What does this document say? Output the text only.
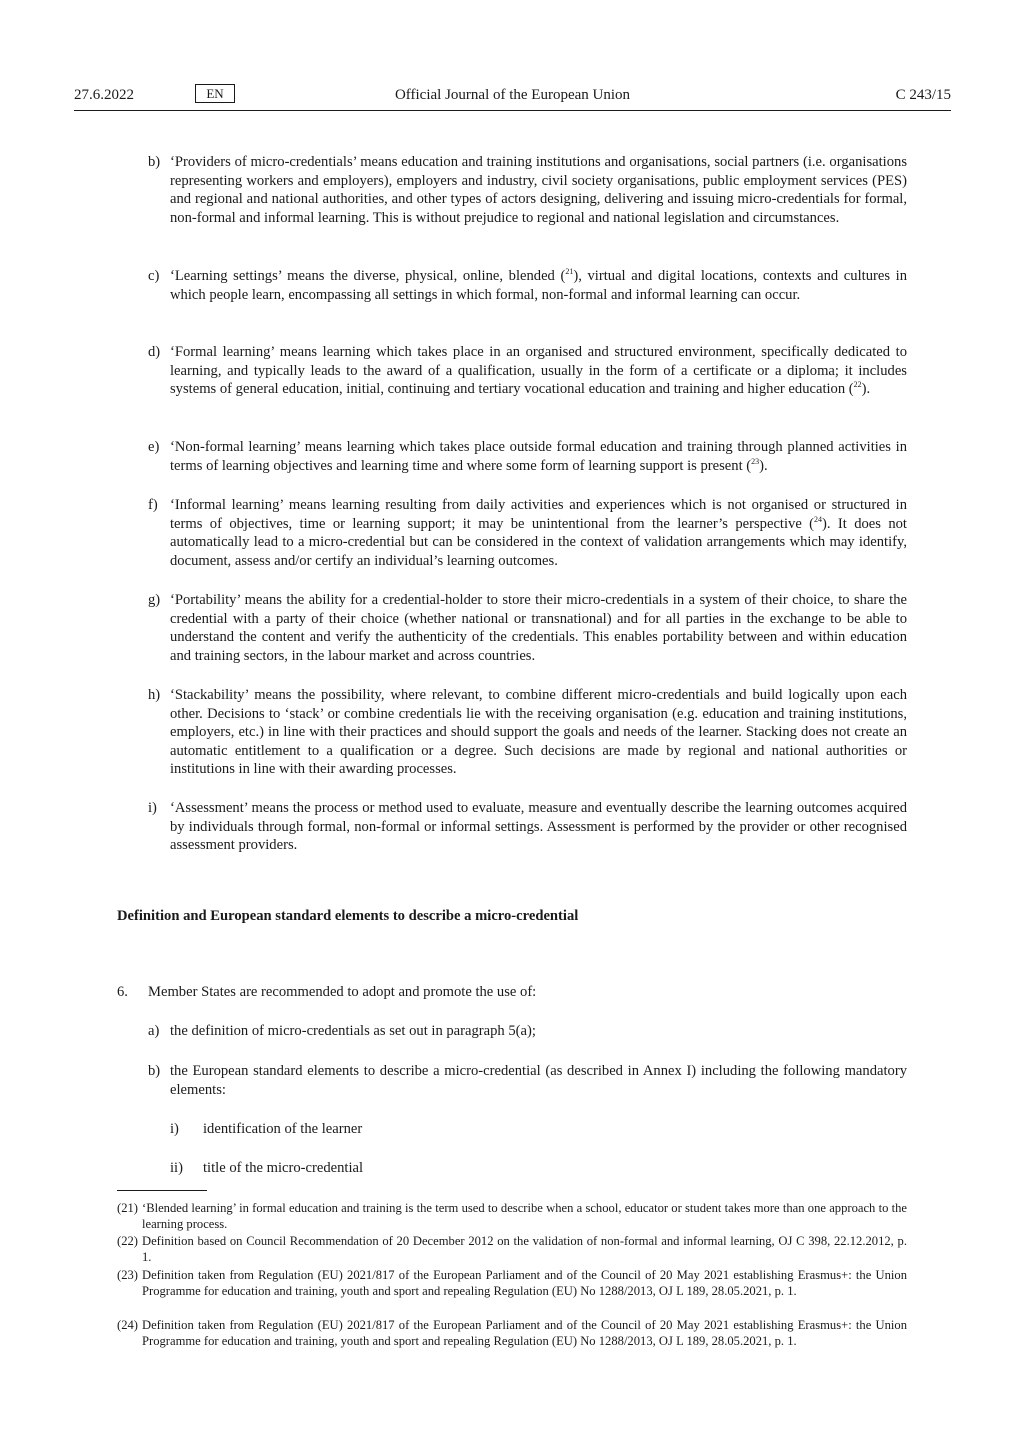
27.6.2022	EN	Official Journal of the European Union	C 243/15
b) ‘Providers of micro-credentials’ means education and training institutions and organisations, social partners (i.e. organisations representing workers and employers), employers and industry, civil society organisations, public employment services (PES) and regional and national authorities, and other types of actors designing, delivering and issuing micro-credentials for formal, non-formal and informal learning. This is without prejudice to regional and national legislation and circumstances.
c) ‘Learning settings’ means the diverse, physical, online, blended ($^{21}$), virtual and digital locations, contexts and cultures in which people learn, encompassing all settings in which formal, non-formal and informal learning can occur.
d) ‘Formal learning’ means learning which takes place in an organised and structured environment, specifically dedicated to learning, and typically leads to the award of a qualification, usually in the form of a certificate or a diploma; it includes systems of general education, initial, continuing and tertiary vocational education and training and higher education ($^{22}$).
e) ‘Non-formal learning’ means learning which takes place outside formal education and training through planned activities in terms of learning objectives and learning time and where some form of learning support is present ($^{23}$).
f) ‘Informal learning’ means learning resulting from daily activities and experiences which is not organised or structured in terms of objectives, time or learning support; it may be unintentional from the learner’s perspective ($^{24}$). It does not automatically lead to a micro-credential but can be considered in the context of validation arrangements which may identify, document, assess and/or certify an individual’s learning outcomes.
g) ‘Portability’ means the ability for a credential-holder to store their micro-credentials in a system of their choice, to share the credential with a party of their choice (whether national or transnational) and for all parties in the exchange to be able to understand the content and verify the authenticity of the credentials. This enables portability between and within education and training sectors, in the labour market and across countries.
h) ‘Stackability’ means the possibility, where relevant, to combine different micro-credentials and build logically upon each other. Decisions to ‘stack’ or combine credentials lie with the receiving organisation (e.g. education and training institutions, employers, etc.) in line with their practices and should support the goals and needs of the learner. Stacking does not create an automatic entitlement to a qualification or a degree. Such decisions are made by regional and national authorities or institutions in line with their awarding processes.
i) ‘Assessment’ means the process or method used to evaluate, measure and eventually describe the learning outcomes acquired by individuals through formal, non-formal or informal settings. Assessment is performed by the provider or other recognised assessment providers.
Definition and European standard elements to describe a micro-credential
6. Member States are recommended to adopt and promote the use of:
a) the definition of micro-credentials as set out in paragraph 5(a);
b) the European standard elements to describe a micro-credential (as described in Annex I) including the following mandatory elements:
i) identification of the learner
ii) title of the micro-credential
(21) ‘Blended learning’ in formal education and training is the term used to describe when a school, educator or student takes more than one approach to the learning process.
(22) Definition based on Council Recommendation of 20 December 2012 on the validation of non-formal and informal learning, OJ C 398, 22.12.2012, p. 1.
(23) Definition taken from Regulation (EU) 2021/817 of the European Parliament and of the Council of 20 May 2021 establishing Erasmus+: the Union Programme for education and training, youth and sport and repealing Regulation (EU) No 1288/2013, OJ L 189, 28.05.2021, p. 1.
(24) Definition taken from Regulation (EU) 2021/817 of the European Parliament and of the Council of 20 May 2021 establishing Erasmus+: the Union Programme for education and training, youth and sport and repealing Regulation (EU) No 1288/2013, OJ L 189, 28.05.2021, p. 1.
